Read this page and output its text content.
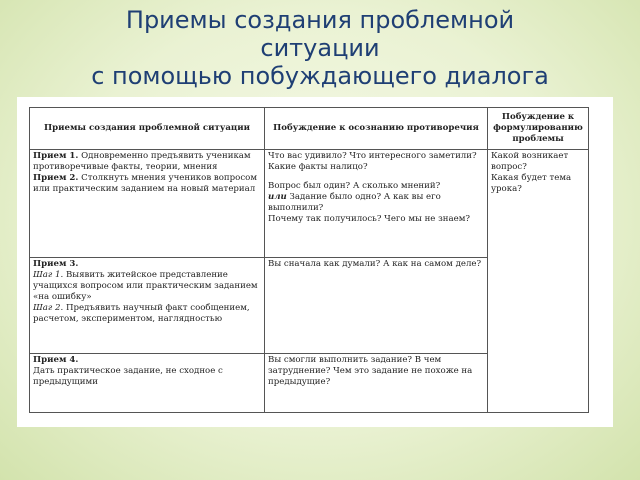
Приемы создания проблемной
ситуации
с помощью побуждающего диалога
Приемы создания проблемной ситуации	Побуждение к осознанию противоречия	Побуждение к формулированию проблемы

Прием 1. Одновременно предъявить ученикам противоречивые факты, теории, мнения
Прием 2. Столкнуть мнения учеников вопросом или практическим заданием на новый материал	Что вас удивило? Что интересного заметили? Какие факты налицо?
Вопрос был один? А сколько мнений?
или Задание было одно? А как вы его выполнили?
Почему так получилось? Чего мы не знаем?	Какой возникает вопрос?
Какая будет тема урока?

Прием 3.
Шаг 1. Выявить житейское представление учащихся вопросом или практическим заданием «на ошибку»
Шаг 2. Предъявить научный факт сообщением, расчетом, экспериментом, наглядностью	Вы сначала как думали? А как на самом деле?	

Прием 4.
Дать практическое задание, не сходное с предыдущими	Вы смогли выполнить задание? В чем затруднение? Чем это задание не похоже на предыдущие?	
